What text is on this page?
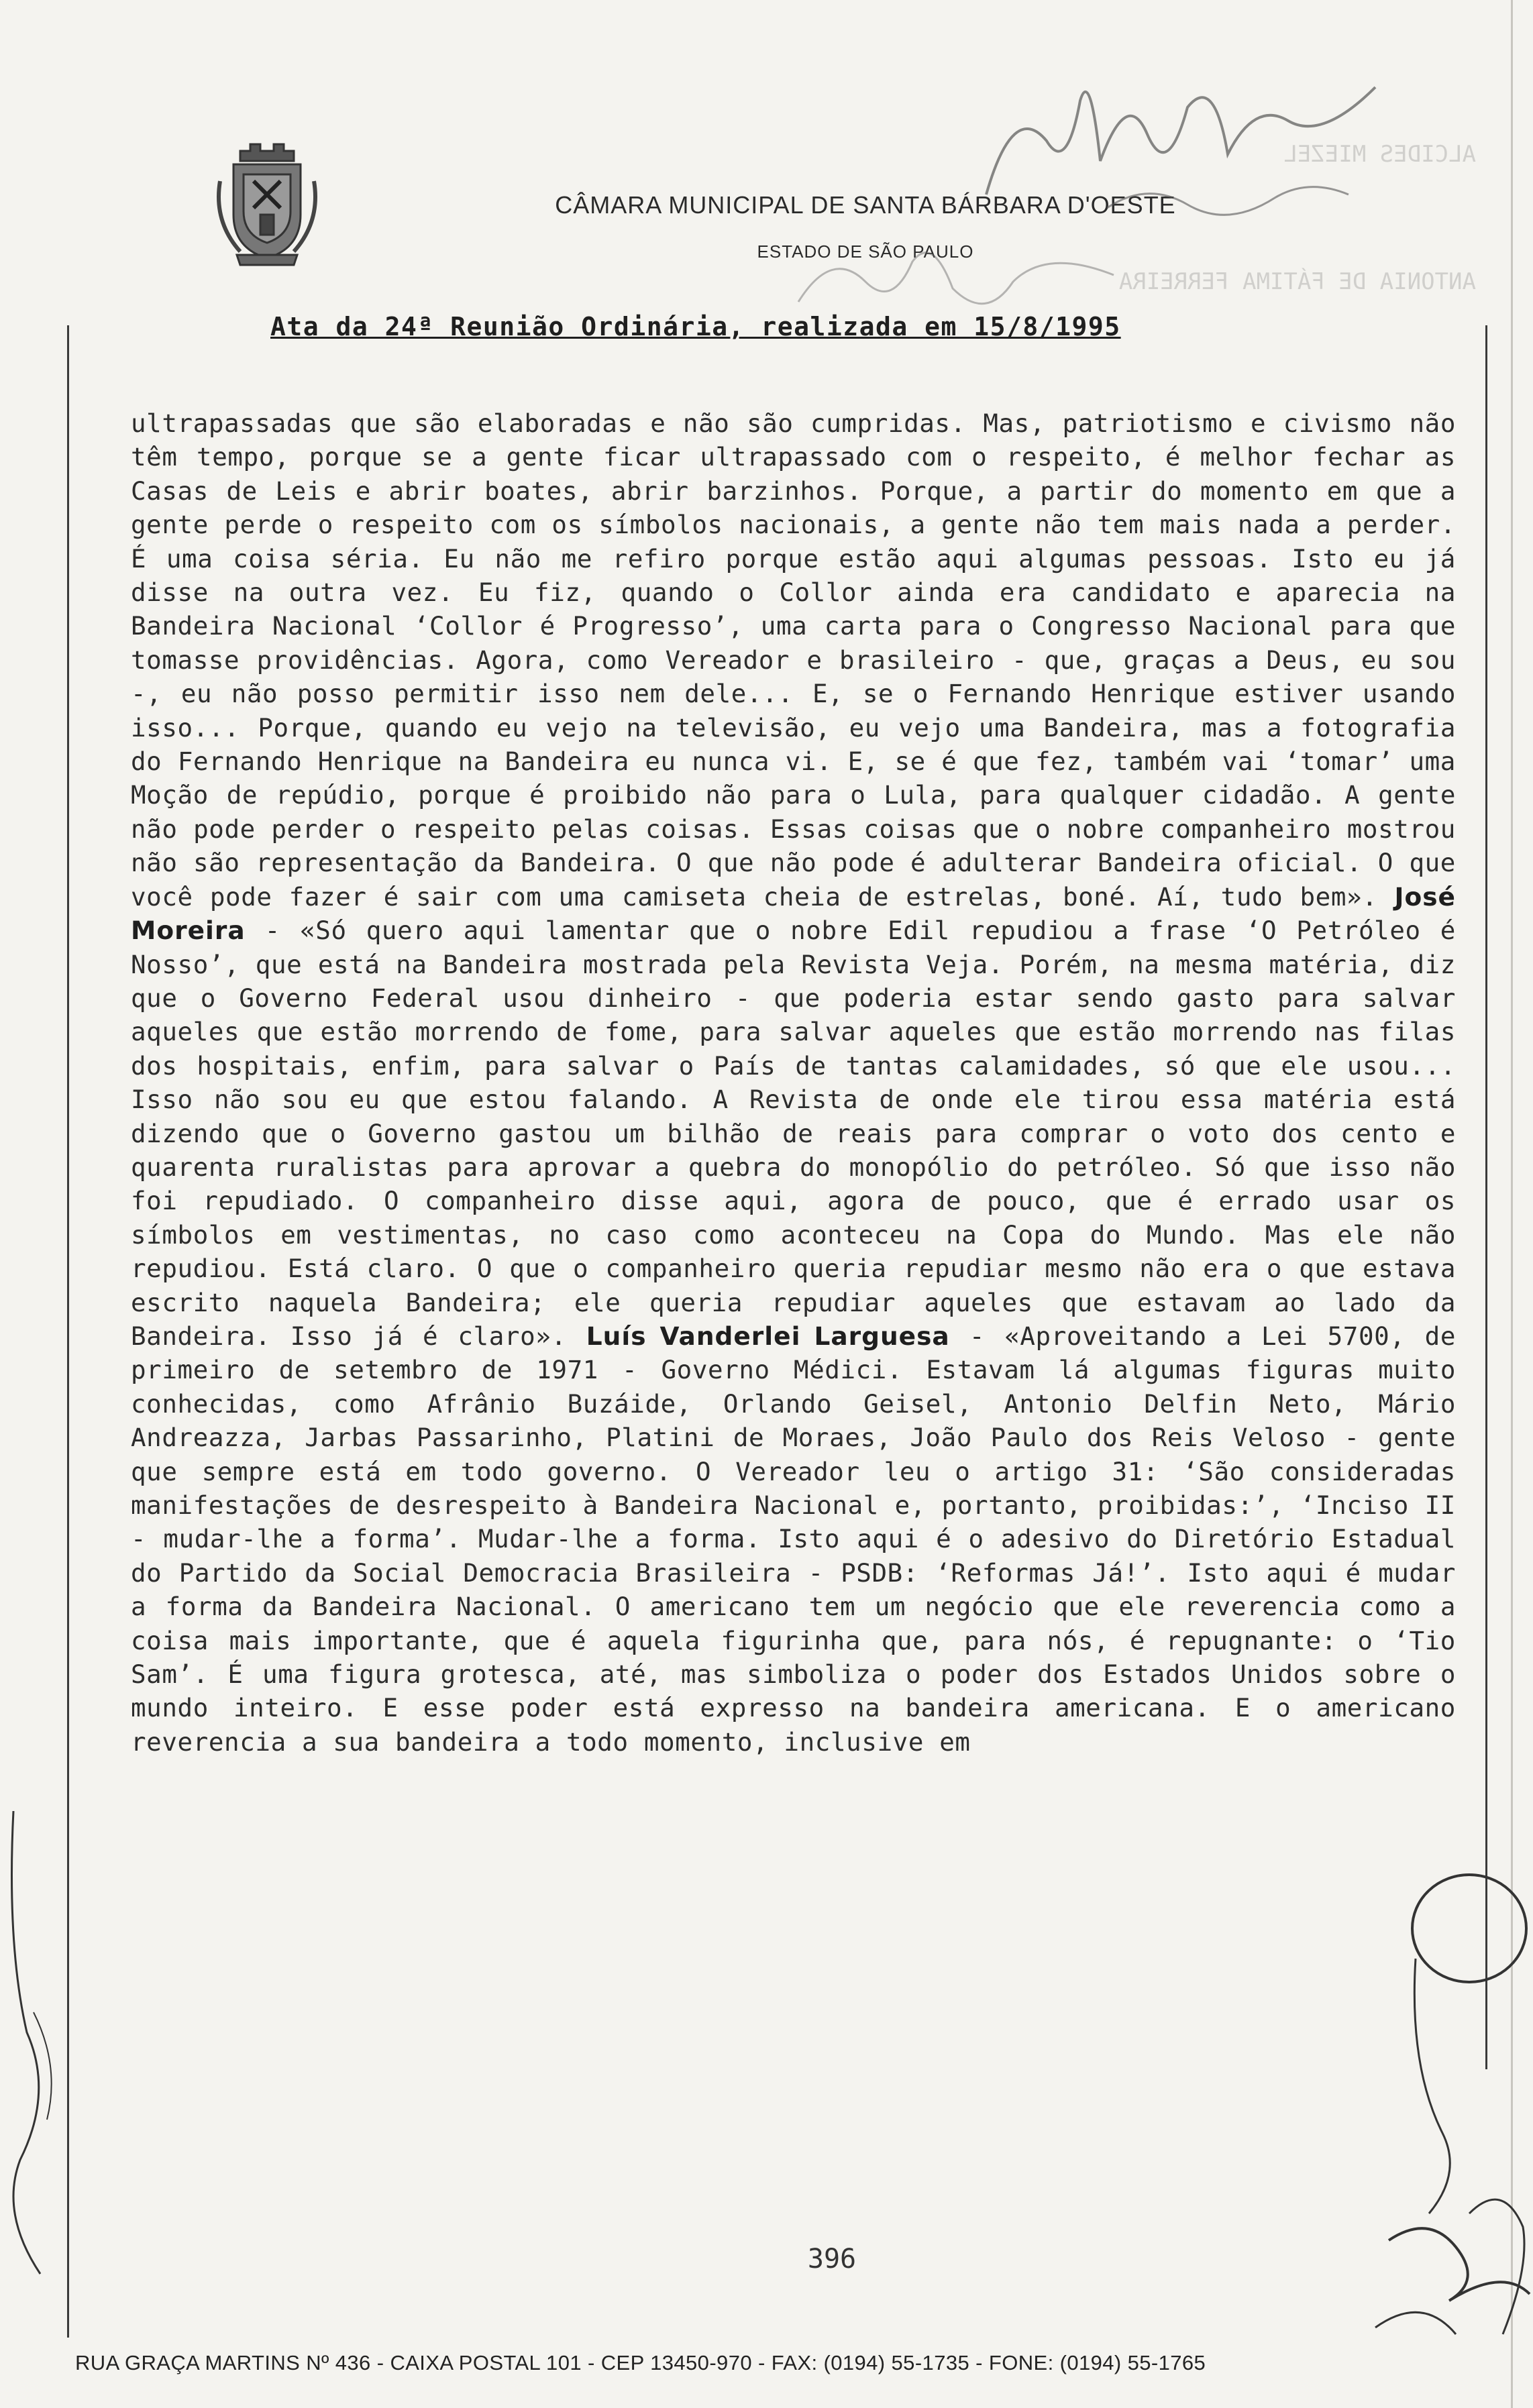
ALCIDES MIEZEL
ANTONIA DE FÁTIMA FERREIRA
CÂMARA MUNICIPAL DE SANTA BÁRBARA D'OESTE
ESTADO DE SÃO PAULO
Ata da 24ª Reunião Ordinária, realizada em 15/8/1995

ultrapassadas que são elaboradas e não são cumpridas. Mas, patriotismo e civismo não têm tempo, porque se a gente ficar ultrapassado com o respeito, é melhor fechar as Casas de Leis e abrir boates, abrir barzinhos. Porque, a partir do momento em que a gente perde o respeito com os símbolos nacionais, a gente não tem mais nada a perder. É uma coisa séria. Eu não me refiro porque estão aqui algumas pessoas. Isto eu já disse na outra vez. Eu fiz, quando o Collor ainda era candidato e aparecia na Bandeira Nacional ‘Collor é Progresso’, uma carta para o Congresso Nacional para que tomasse providências. Agora, como Vereador e brasileiro - que, graças a Deus, eu sou -, eu não posso permitir isso nem dele... E, se o Fernando Henrique estiver usando isso... Porque, quando eu vejo na televisão, eu vejo uma Bandeira, mas a fotografia do Fernando Henrique na Bandeira eu nunca vi. E, se é que fez, também vai ‘tomar’ uma Moção de repúdio, porque é proibido não para o Lula, para qualquer cidadão. A gente não pode perder o respeito pelas coisas. Essas coisas que o nobre companheiro mostrou não são representação da Bandeira. O que não pode é adulterar Bandeira oficial. O que você pode fazer é sair com uma camiseta cheia de estrelas, boné. Aí, tudo bem». José Moreira - «Só quero aqui lamentar que o nobre Edil repudiou a frase ‘O Petróleo é Nosso’, que está na Bandeira mostrada pela Revista Veja. Porém, na mesma matéria, diz que o Governo Federal usou dinheiro - que poderia estar sendo gasto para salvar aqueles que estão morrendo de fome, para salvar aqueles que estão morrendo nas filas dos hospitais, enfim, para salvar o País de tantas calamidades, só que ele usou... Isso não sou eu que estou falando. A Revista de onde ele tirou essa matéria está dizendo que o Governo gastou um bilhão de reais para comprar o voto dos cento e quarenta ruralistas para aprovar a quebra do monopólio do petróleo. Só que isso não foi repudiado. O companheiro disse aqui, agora de pouco, que é errado usar os símbolos em vestimentas, no caso como aconteceu na Copa do Mundo. Mas ele não repudiou. Está claro. O que o companheiro queria repudiar mesmo não era o que estava escrito naquela Bandeira; ele queria repudiar aqueles que estavam ao lado da Bandeira. Isso já é claro». Luís Vanderlei Larguesa - «Aproveitando a Lei 5700, de primeiro de setembro de 1971 - Governo Médici. Estavam lá algumas figuras muito conhecidas, como Afrânio Buzáide, Orlando Geisel, Antonio Delfin Neto, Mário Andreazza, Jarbas Passarinho, Platini de Moraes, João Paulo dos Reis Veloso - gente que sempre está em todo governo. O Vereador leu o artigo 31: ‘São consideradas manifestações de desrespeito à Bandeira Nacional e, portanto, proibidas:’, ‘Inciso II - mudar-lhe a forma’. Mudar-lhe a forma. Isto aqui é o adesivo do Diretório Estadual do Partido da Social Democracia Brasileira - PSDB: ‘Reformas Já!’. Isto aqui é mudar a forma da Bandeira Nacional. O americano tem um negócio que ele reverencia como a coisa mais importante, que é aquela figurinha que, para nós, é repugnante: o ‘Tio Sam’. É uma figura grotesca, até, mas simboliza o poder dos Estados Unidos sobre o mundo inteiro. E esse poder está expresso na bandeira americana. E o americano reverencia a sua bandeira a todo momento, inclusive em

396
RUA GRAÇA MARTINS Nº 436 - CAIXA POSTAL 101 - CEP 13450-970 - FAX: (0194) 55-1735 - FONE: (0194) 55-1765
